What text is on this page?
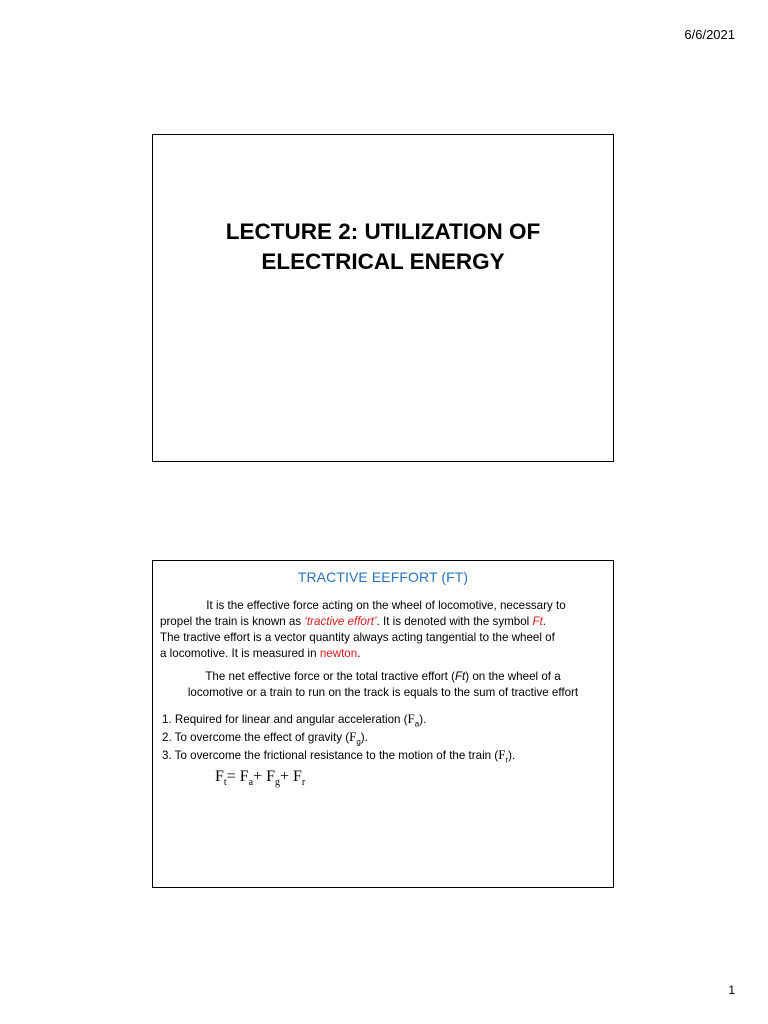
6/6/2021
LECTURE 2: UTILIZATION OF
ELECTRICAL ENERGY
TRACTIVE EEFFORT (FT)
It is the effective force acting on the wheel of locomotive, necessary to
propel the train is known as ‘tractive effort’. It is denoted with the symbol Ft.
The tractive effort is a vector quantity always acting tangential to the wheel of
a locomotive. It is measured in newton.
The net effective force or the total tractive effort (Ft) on the wheel of a
locomotive or a train to run on the track is equals to the sum of tractive effort
1. Required for linear and angular acceleration $(F_a)$.
2. To overcome the effect of gravity $(F_g)$.
3. To overcome the frictional resistance to the motion of the train $(F_r)$.
$F_t= F_a+ F_g+ F_r$
1
